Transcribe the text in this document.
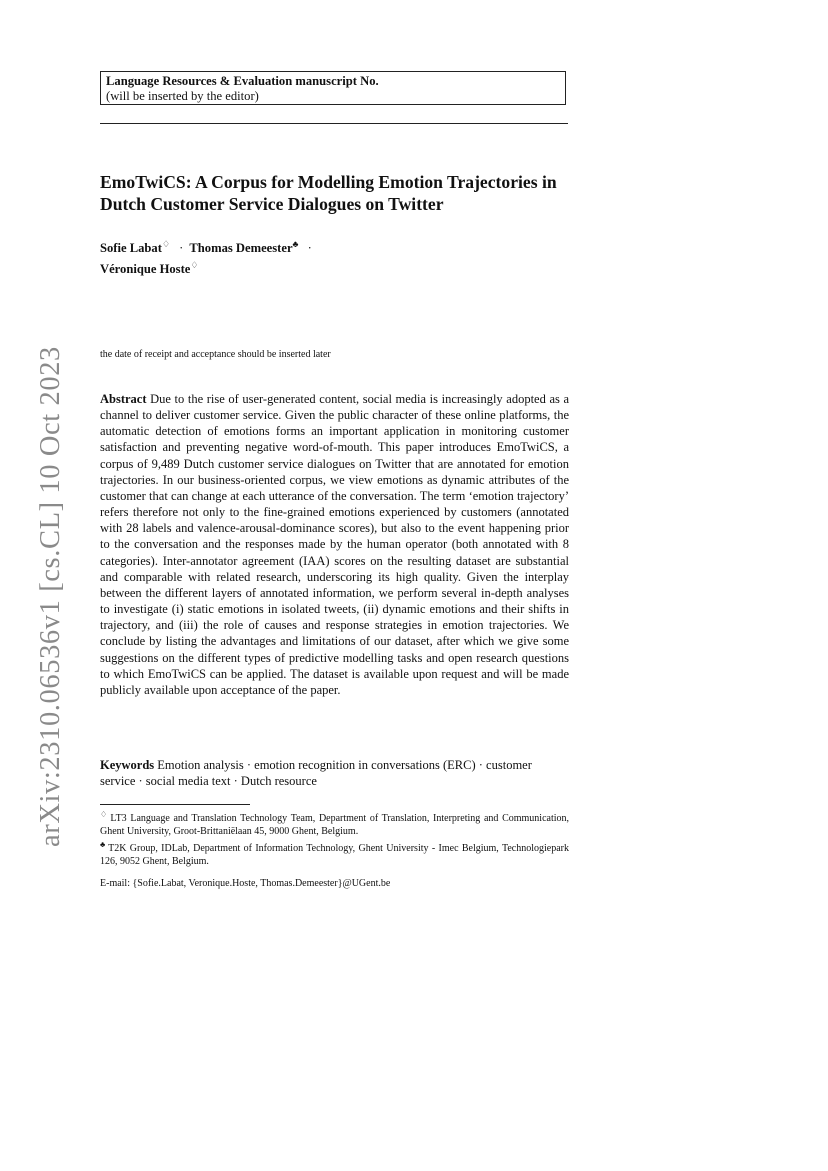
arXiv:2310.06536v1 [cs.CL] 10 Oct 2023
Language Resources & Evaluation manuscript No.
(will be inserted by the editor)
EmoTwiCS: A Corpus for Modelling Emotion Trajectories in
Dutch Customer Service Dialogues on Twitter
Sofie Labat♢ · Thomas Demeester♣ ·
Véronique Hoste♢
the date of receipt and acceptance should be inserted later

Abstract Due to the rise of user-generated content, social media is increasingly adopted as a channel to deliver customer service. Given the public character of these online platforms, the automatic detection of emotions forms an important application in monitoring customer satisfaction and preventing negative word-of-mouth. This paper introduces EmoTwiCS, a corpus of 9,489 Dutch customer service dialogues on Twitter that are annotated for emotion trajectories. In our business-oriented corpus, we view emotions as dynamic attributes of the customer that can change at each utterance of the conversation. The term ‘emotion trajectory’ refers therefore not only to the fine-grained emotions experienced by customers (annotated with 28 labels and valence-arousal-dominance scores), but also to the event happening prior to the conversation and the responses made by the human operator (both annotated with 8 categories). Inter-annotator agreement (IAA) scores on the resulting dataset are substantial and comparable with related research, underscoring its high quality. Given the interplay between the different layers of annotated information, we perform several in-depth analyses to investigate (i) static emotions in isolated tweets, (ii) dynamic emotions and their shifts in trajectory, and (iii) the role of causes and response strategies in emotion trajectories. We conclude by listing the advantages and limitations of our dataset, after which we give some suggestions on the different types of predictive modelling tasks and open research questions to which EmoTwiCS can be applied. The dataset is available upon request and will be made publicly available upon acceptance of the paper.

Keywords Emotion analysis · emotion recognition in conversations (ERC) · customer service · social media text · Dutch resource

♢ LT3 Language and Translation Technology Team, Department of Translation, Interpreting and Communication, Ghent University, Groot-Brittaniëlaan 45, 9000 Ghent, Belgium.

♣ T2K Group, IDLab, Department of Information Technology, Ghent University - Imec Belgium, Technologiepark 126, 9052 Ghent, Belgium.

E-mail: {Sofie.Labat, Veronique.Hoste, Thomas.Demeester}@UGent.be
